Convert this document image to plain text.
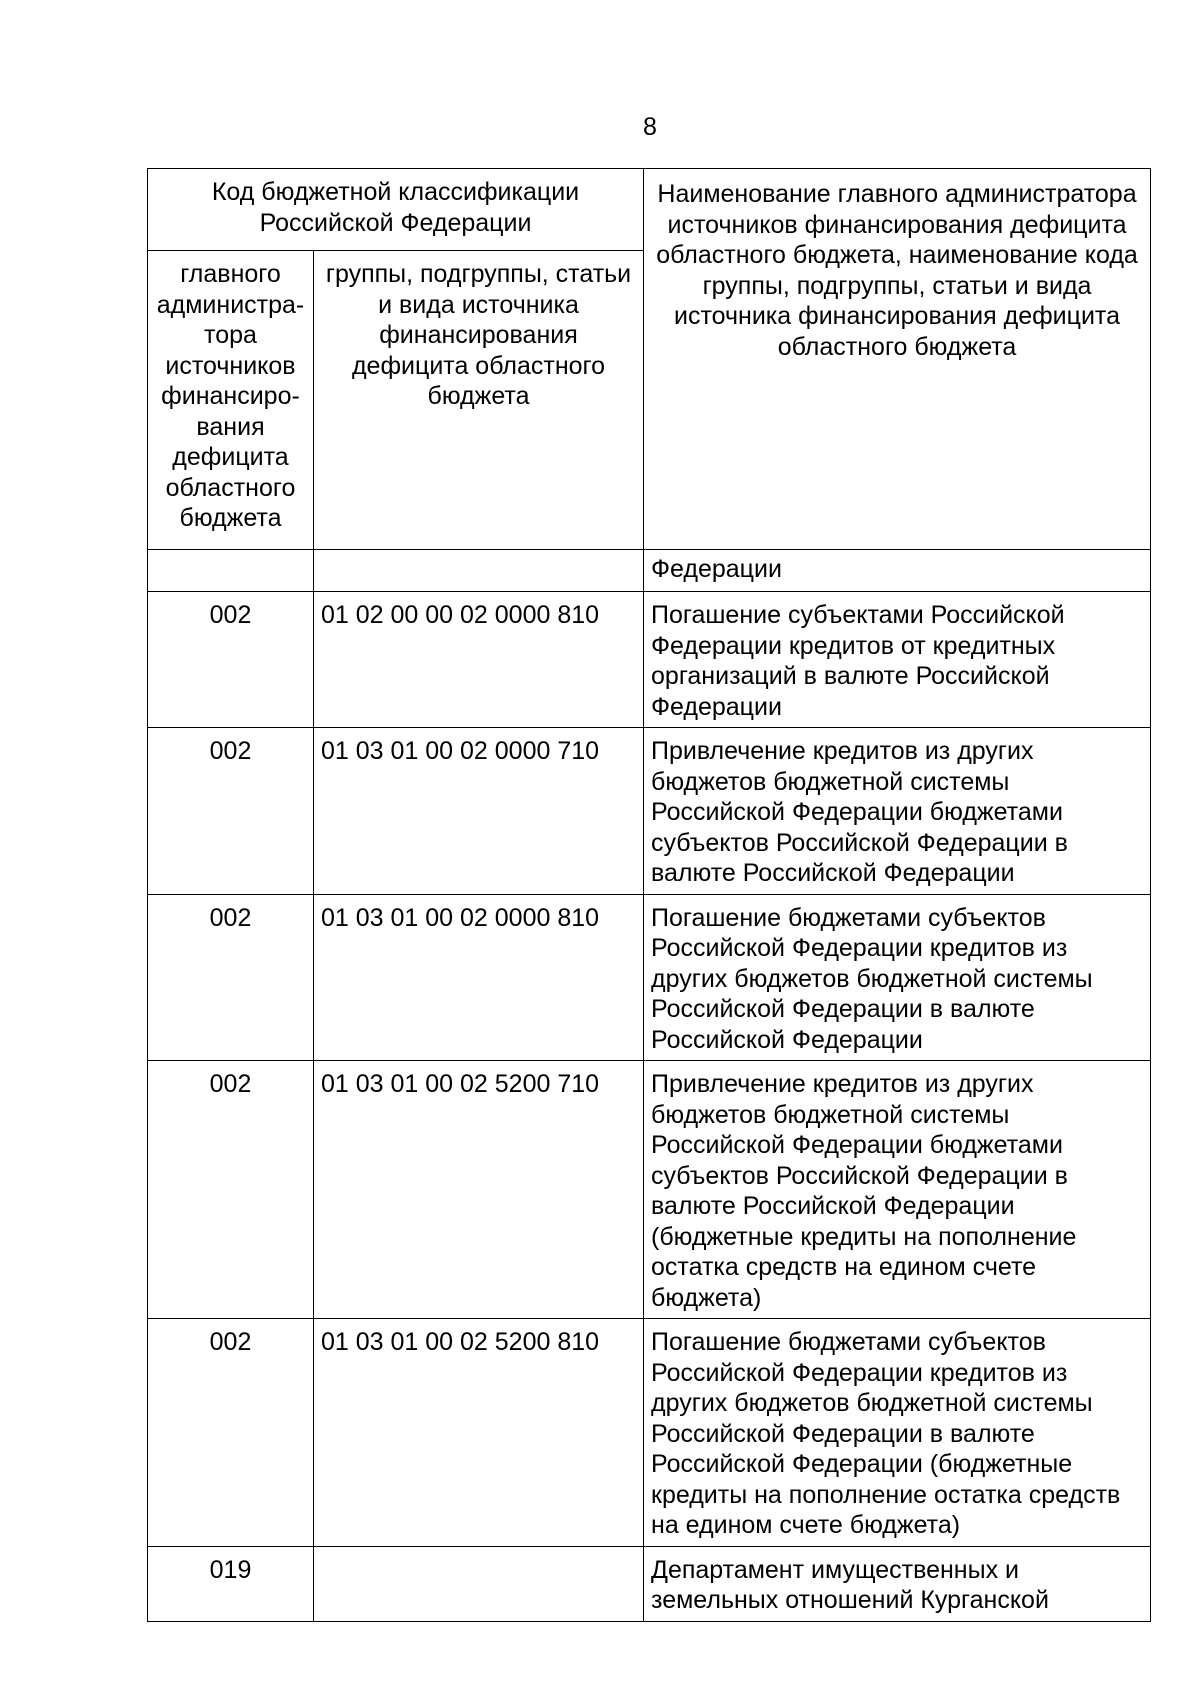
8
Код бюджетной классификации Российской Федерации		Наименование главного администратора источников финансирования дефицита областного бюджета, наименование кода группы, подгруппы, статьи и вида источника финансирования дефицита областного бюджета
главного администра-тора источников финансиро-вания дефицита областного бюджета	группы, подгруппы, статьи и вида источника финансирования дефицита областного бюджета	
		Федерации
002	01 02 00 00 02 0000 810	Погашение субъектами Российской Федерации кредитов от кредитных организаций в валюте Российской Федерации
002	01 03 01 00 02 0000 710	Привлечение кредитов из других бюджетов бюджетной системы Российской Федерации бюджетами субъектов Российской Федерации в валюте Российской Федерации
002	01 03 01 00 02 0000 810	Погашение бюджетами субъектов Российской Федерации кредитов из других бюджетов бюджетной системы Российской Федерации в валюте Российской Федерации
002	01 03 01 00 02 5200 710	Привлечение кредитов из других бюджетов бюджетной системы Российской Федерации бюджетами субъектов Российской Федерации в валюте Российской Федерации (бюджетные кредиты на пополнение остатка средств на едином счете бюджета)
002	01 03 01 00 02 5200 810	Погашение бюджетами субъектов Российской Федерации кредитов из других бюджетов бюджетной системы Российской Федерации в валюте Российской Федерации (бюджетные кредиты на пополнение остатка средств на едином счете бюджета)
019		Департамент имущественных и земельных отношений Курганской
